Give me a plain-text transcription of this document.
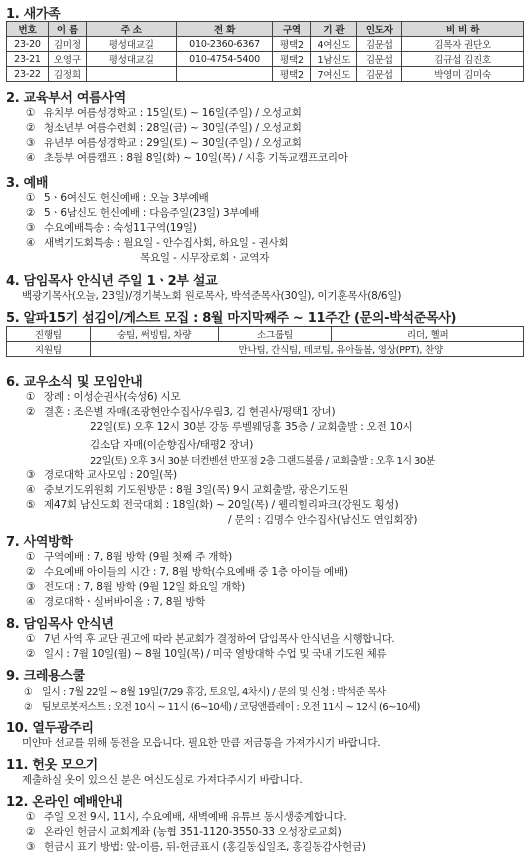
1. 새가족
번호	이 름	주 소	전 화	구역	기 관	인도자	비 비 하
23-20	김미정	평성대교길	010-2360-6367	평택2	4여신도	김문섭	김목자 권단오
23-21	오영구	평성대교길	010-4754-5400	평택2	1남신도	김문섭	김규섭 김진호
23-22	김정희			평택2	7여신도	김문섭	박영미 김미숙
2. 교육부서 여름사역
① 유치부 여름성경학교 : 15일(토) ~ 16일(주일) / 오성교회
② 청소년부 여름수련회 : 28일(금) ~ 30일(주일) / 오성교회
③ 유년부 여름성경학교 : 29일(토) ~ 30일(주일) / 오성교회
④ 초등부 여름캠프 : 8월 8일(화) ~ 10일(목) / 시흥 기독교캠프코리아
3. 예배
① 5ㆍ6여신도 헌신예배 : 오늘 3부예배
② 5ㆍ6남신도 헌신예배 : 다음주일(23일) 3부예배
③ 수요예배특송 : 숙성11구역(19일)
④ 새벽기도회특송 : 월요일 - 안수집사회, 하요일 - 권사회
목요일 - 시무장로회ㆍ교역자
4. 담임목사 안식년 주일 1ㆍ2부 설교
백광기목사(오늘, 23일)/경기북노회 원로목사, 박석준목사(30일), 이기훈목사(8/6일)
5. 알파15기 섬김이/게스트 모집 : 8월 마지막째주 ~ 11주간 (문의-박석준목사)
진행팀	숭팀, 써빙팀, 차량	소그룹팀	리더, 헬퍼
지원팀	만나팀, 간식팀, 데코팀, 유아돌봄, 영상(PPT), 찬양		
6. 교우소식 및 모임안내
① 장례 : 이성순권사(숙성6) 시모
② 결혼 : 조은별 자매(조광현안수집사/우림3, 김 현권사/평택1 장녀)
22일(토) 오후 12시 30분 강동 루벨웨딩홀 35층 / 교회출발 : 오전 10시
김소담 자매(이순향집사/태평2 장녀)
22일(토) 오후 3시 30분 더컨벤션 반포점 2층 그랜드볼룸 / 교회출발 : 오후 1시 30분
③ 경로대학 교사모임 : 20일(목)
④ 중보기도위원회 기도원방문 : 8월 3일(목) 9시 교회출발, 광은기도원
⑤ 제47회 남신도회 전국대회 : 18일(화) ~ 20일(목) / 웰리힐리파크(강원도 횡성)
/ 문의 : 김명수 안수집사(남신도 연임회장)
7. 사역방학
① 구역예배 : 7, 8월 방학 (9월 첫째 주 개학)
② 수요예배 아이들의 시간 : 7, 8월 방학(수요예배 중 1층 아이들 예배)
③ 전도대 : 7, 8월 방학 (9월 12일 화요일 개학)
④ 경로대학ㆍ실버바이올 : 7, 8월 방학
8. 담임목사 안식년
① 7년 사역 후 교단 권고에 따라 본교회가 결정하여 담임목사 안식년을 시행합니다.
② 일시 : 7월 10일(월) ~ 8월 10일(목) / 미국 열방대학 수업 및 국내 기도원 체류
9. 크레용스쿨
① 일시 : 7월 22일 ~ 8월 19일(7/29 휴강, 토요일, 4차시) / 문의 및 신청 : 박석준 목사
② 팀보로봇저스트 : 오전 10시 ~ 11시 (6~10세) / 코딩앤플레이 : 오전 11시 ~ 12시 (6~10세)
10. 열두광주리
미얀마 선교를 위해 동전을 모읍니다. 필요한 만큼 저금통을 가져가시기 바랍니다.
11. 헌옷 모으기
제출하실 옷이 있으신 분은 여신도실로 가져다주시기 바랍니다.
12. 온라인 예배안내
① 주일 오전 9시, 11시, 수요예배, 새벽예배 유튜브 동시생중계합니다.
② 온라인 헌금시 교회계좌 (농협 351-1120-3550-33 오성장로교회)
③ 헌금시 표기 방법: 앞-이름, 뒤-헌금표시 (홍길동십일조, 홍길동감사헌금)
